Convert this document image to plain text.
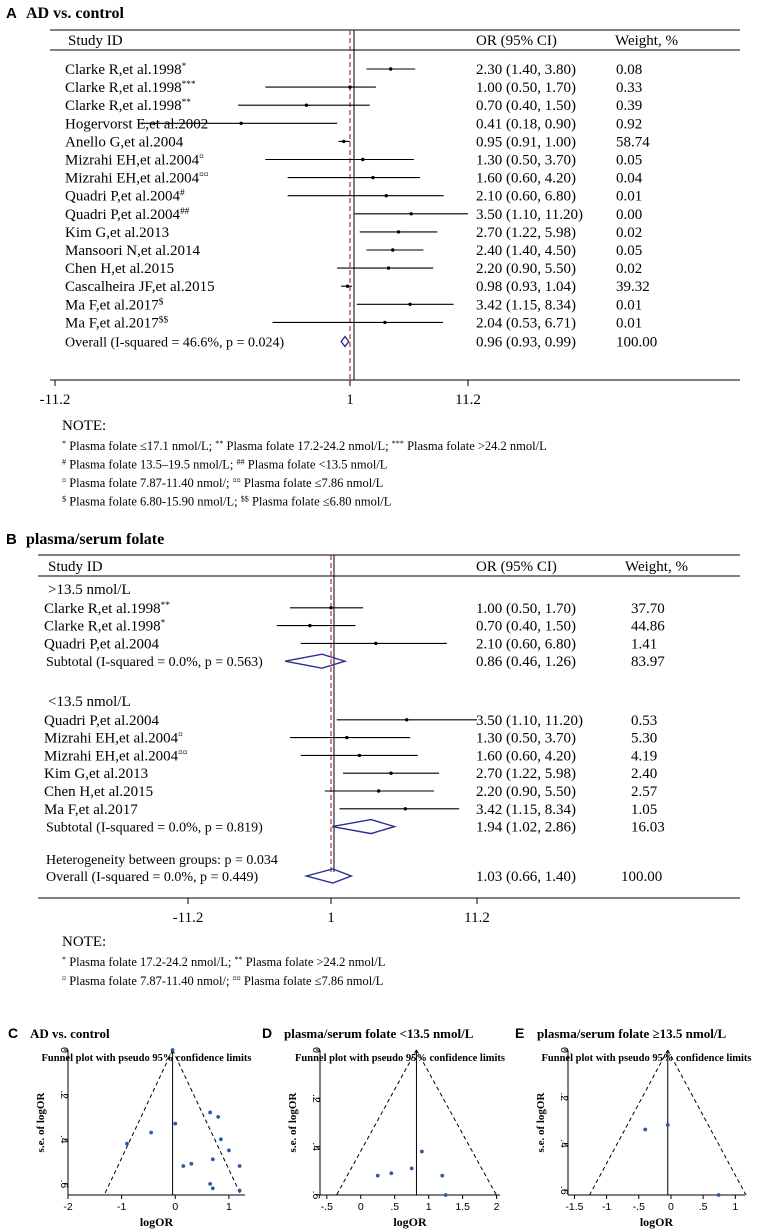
A AD vs. control
Study ID	OR (95% CI)	Weight, %
Clarke R,et al.1998*	2.30 (1.40, 3.80)	0.08
Clarke R,et al.1998***	1.00 (0.50, 1.70)	0.33
Clarke R,et al.1998**	0.70 (0.40, 1.50)	0.39
Hogervorst E,et al.2002	0.41 (0.18, 0.90)	0.92
Anello G,et al.2004	0.95 (0.91, 1.00)	58.74
Mizrahi EH,et al.2004¤	1.30 (0.50, 3.70)	0.05
Mizrahi EH,et al.2004¤¤	1.60 (0.60, 4.20)	0.04
Quadri P,et al.2004#	2.10 (0.60, 6.80)	0.01
Quadri P,et al.2004##	3.50 (1.10, 11.20) 0.00
Kim G,et al.2013	2.70 (1.22, 5.98)	0.02
Mansoori N,et al.2014	2.40 (1.40, 4.50)	0.05
Chen H,et al.2015	2.20 (0.90, 5.50)	0.02
Cascalheira JF,et al.2015	0.98 (0.93, 1.04)	39.32
Ma F,et al.2017$	3.42 (1.15, 8.34)	0.01
Ma F,et al.2017$$	2.04 (0.53, 6.71)	0.01
Overall (I-squared = 46.6%, p = 0.024)	0.96 (0.93, 0.99)	100.00
-11.2	1	11.2
NOTE:
* Plasma folate ≤17.1 nmol/L; ** Plasma folate 17.2-24.2 nmol/L; *** Plasma folate >24.2 nmol/L
# Plasma folate 13.5–19.5 nmol/L; ## Plasma folate <13.5 nmol/L
¤ Plasma folate 7.87-11.40 nmol/; ¤¤ Plasma folate ≤7.86 nmol/L
$ Plasma folate 6.80-15.90 nmol/L; $$ Plasma folate ≤6.80 nmol/L
B plasma/serum folate
Study ID	OR (95% CI)	Weight, %
>13.5 nmol/L
Clarke R,et al.1998**	1.00 (0.50, 1.70)	37.70
Clarke R,et al.1998*	0.70 (0.40, 1.50)	44.86
Quadri P,et al.2004	2.10 (0.60, 6.80)	1.41
Subtotal (I-squared = 0.0%, p = 0.563)	0.86 (0.46, 1.26)	83.97
<13.5 nmol/L
Quadri P,et al.2004	3.50 (1.10, 11.20)	0.53
Mizrahi EH,et al.2004¤	1.30 (0.50, 3.70)	5.30
Mizrahi EH,et al.2004¤¤	1.60 (0.60, 4.20)	4.19
Kim G,et al.2013	2.70 (1.22, 5.98)	2.40
Chen H,et al.2015	2.20 (0.90, 5.50)	2.57
Ma F,et al.2017	3.42 (1.15, 8.34)	1.05
Subtotal (I-squared = 0.0%, p = 0.819)	1.94 (1.02, 2.86)	16.03
Heterogeneity between groups: p = 0.034
Overall (I-squared = 0.0%, p = 0.449)	1.03 (0.66, 1.40)	100.00
-11.2	1	11.2
NOTE:
* Plasma folate 17.2-24.2 nmol/L; ** Plasma folate >24.2 nmol/L
¤ Plasma folate 7.87-11.40 nmol/; ¤¤ Plasma folate ≤7.86 nmol/L
C AD vs. control
Funnel plot with pseudo 95% confidence limits
-2	-1	0	1
0
.2
.4
.6
logOR
s.e. of logOR
D plasma/serum folate <13.5 nmol/L
Funnel plot with pseudo 95% confidence limits
-.5 0	.5	1 1.5 2
0
.2
.4
.6
logOR
s.e. of logOR
E plasma/serum folate ≥13.5 nmol/L
Funnel plot with pseudo 95% confidence limits
-1.5 -1 -.5 0 .5 1
0
.2
.4
.6
logOR
s.e. of logOR
